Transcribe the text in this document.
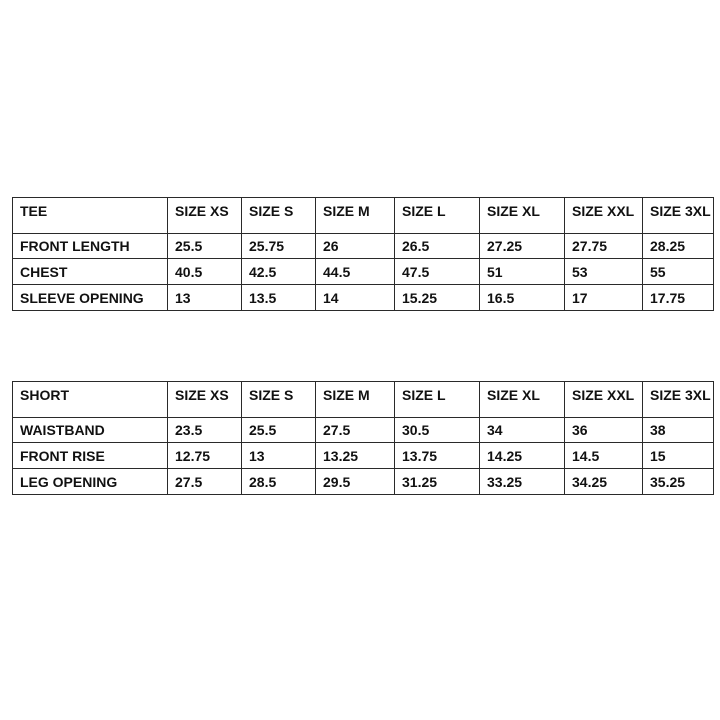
TEE	SIZE XS	SIZE S	SIZE M	SIZE L	SIZE XL	SIZE XXL	SIZE 3XL
FRONT LENGTH	25.5	25.75	26	26.5	27.25	27.75	28.25
CHEST	40.5	42.5	44.5	47.5	51	53	55
SLEEVE OPENING	13	13.5	14	15.25	16.5	17	17.75
SHORT	SIZE XS	SIZE S	SIZE M	SIZE L	SIZE XL	SIZE XXL	SIZE 3XL
WAISTBAND	23.5	25.5	27.5	30.5	34	36	38
FRONT RISE	12.75	13	13.25	13.75	14.25	14.5	15
LEG OPENING	27.5	28.5	29.5	31.25	33.25	34.25	35.25
